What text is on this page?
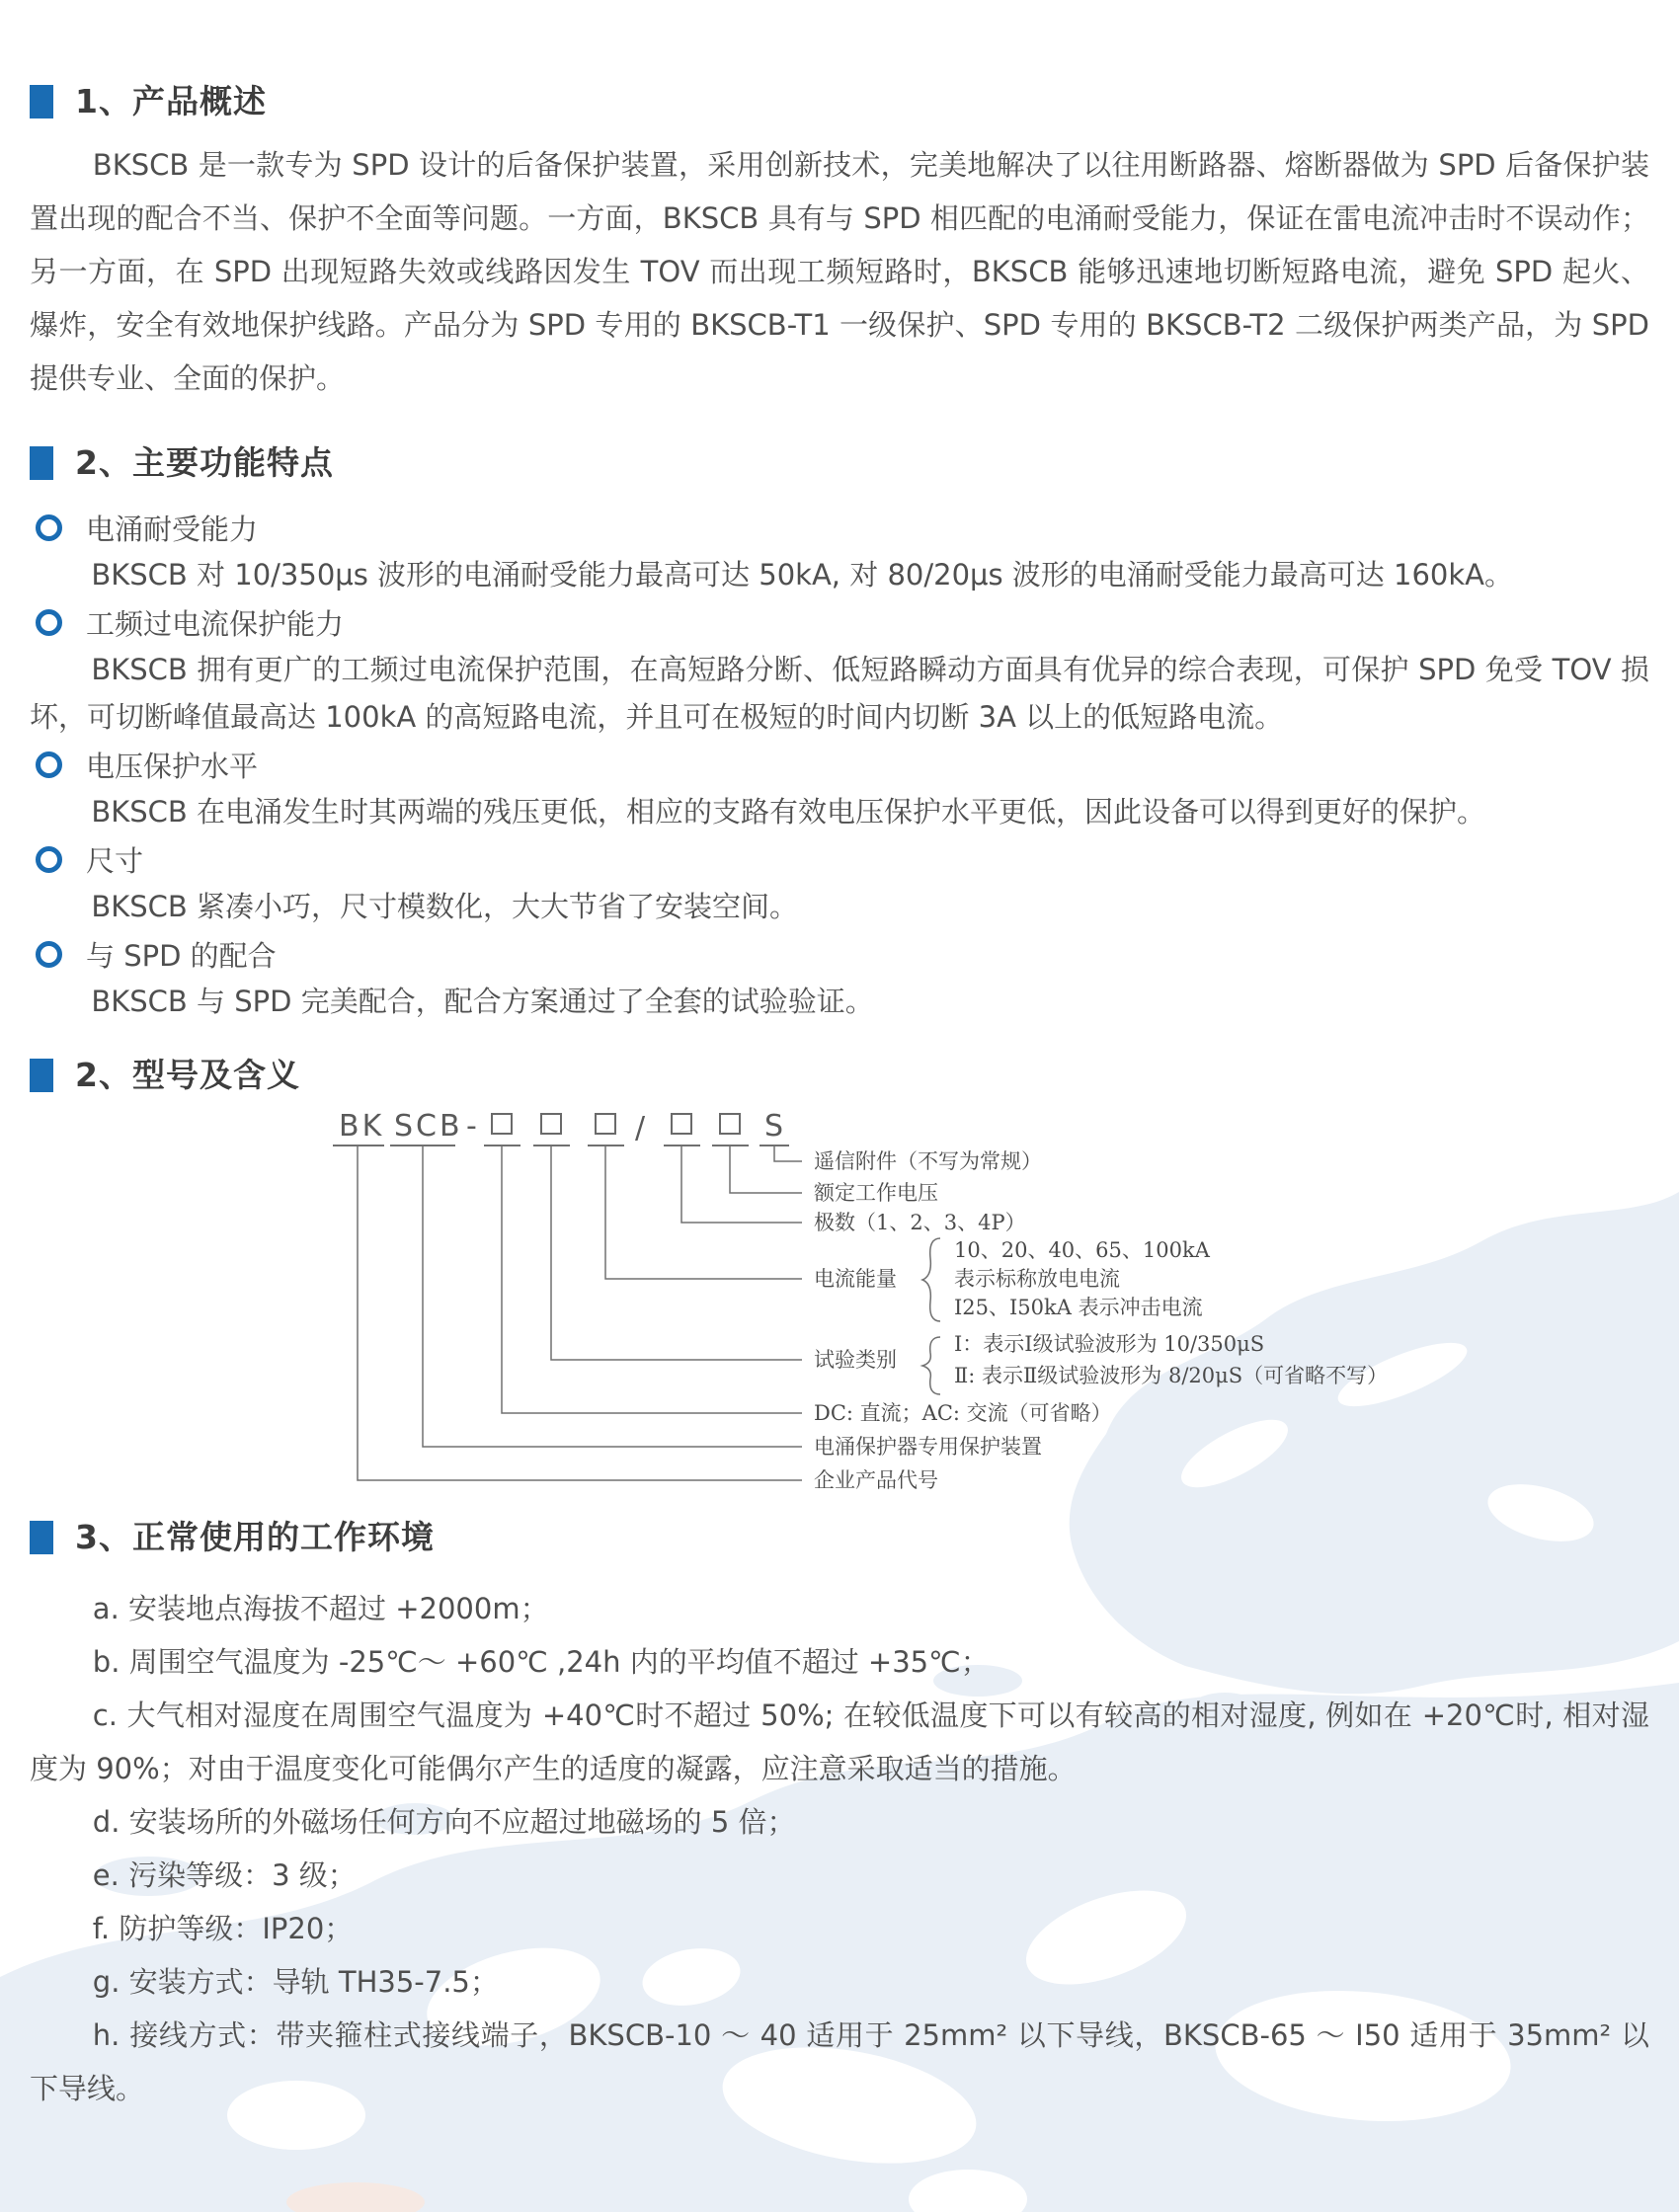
1、产品概述

BKSCB 是一款专为 SPD 设计的后备保护装置，采用创新技术，完美地解决了以往用断路器、熔断器做为 SPD 后备保护装置出现的配合不当、保护不全面等问题。一方面，BKSCB 具有与 SPD 相匹配的电涌耐受能力，保证在雷电流冲击时不误动作；另一方面，在 SPD 出现短路失效或线路因发生 TOV 而出现工频短路时，BKSCB 能够迅速地切断短路电流，避免 SPD 起火、爆炸，安全有效地保护线路。产品分为 SPD 专用的 BKSCB-T1 一级保护、SPD 专用的 BKSCB-T2 二级保护两类产品，为 SPD 提供专业、全面的保护。

2、主要功能特点
电涌耐受能力

BKSCB 对 10/350μs 波形的电涌耐受能力最高可达 50kA, 对 80/20μs 波形的电涌耐受能力最高可达 160kA。

工频过电流保护能力

BKSCB 拥有更广的工频过电流保护范围，在高短路分断、低短路瞬动方面具有优异的综合表现，可保护 SPD 免受 TOV 损坏，可切断峰值最高达 100kA 的高短路电流，并且可在极短的时间内切断 3A 以上的低短路电流。

电压保护水平

BKSCB 在电涌发生时其两端的残压更低，相应的支路有效电压保护水平更低，因此设备可以得到更好的保护。

尺寸

BKSCB 紧凑小巧，尺寸模数化，大大节省了安装空间。

与 SPD 的配合

BKSCB 与 SPD 完美配合，配合方案通过了全套的试验验证。

2、型号及含义
BK SCB -	/	S
遥信附件（不写为常规）
额定工作电压
极数（1、2、3、4P）
电流能量
10、20、40、65、100kA
表示标称放电电流
I25、I50kA 表示冲击电流
试验类别
Ⅰ：表示Ⅰ级试验波形为 10/350μS
Ⅱ: 表示Ⅱ级试验波形为 8/20μS（可省略不写）
DC: 直流；AC: 交流（可省略）
电涌保护器专用保护装置
企业产品代号
3、正常使用的工作环境

a. 安装地点海拔不超过 +2000m；

b. 周围空气温度为 -25℃～ +60℃ ,24h 内的平均值不超过 +35℃；

c. 大气相对湿度在周围空气温度为 +40℃时不超过 50%; 在较低温度下可以有较高的相对湿度, 例如在 +20℃时, 相对湿度为 90%；对由于温度变化可能偶尔产生的适度的凝露，应注意采取适当的措施。

d. 安装场所的外磁场任何方向不应超过地磁场的 5 倍；

e. 污染等级：3 级；

f. 防护等级：IP20；

g. 安装方式：导轨 TH35-7.5；

h. 接线方式：带夹箍柱式接线端子，BKSCB-10 ～ 40 适用于 25mm² 以下导线，BKSCB-65 ～ I50 适用于 35mm² 以下导线。
